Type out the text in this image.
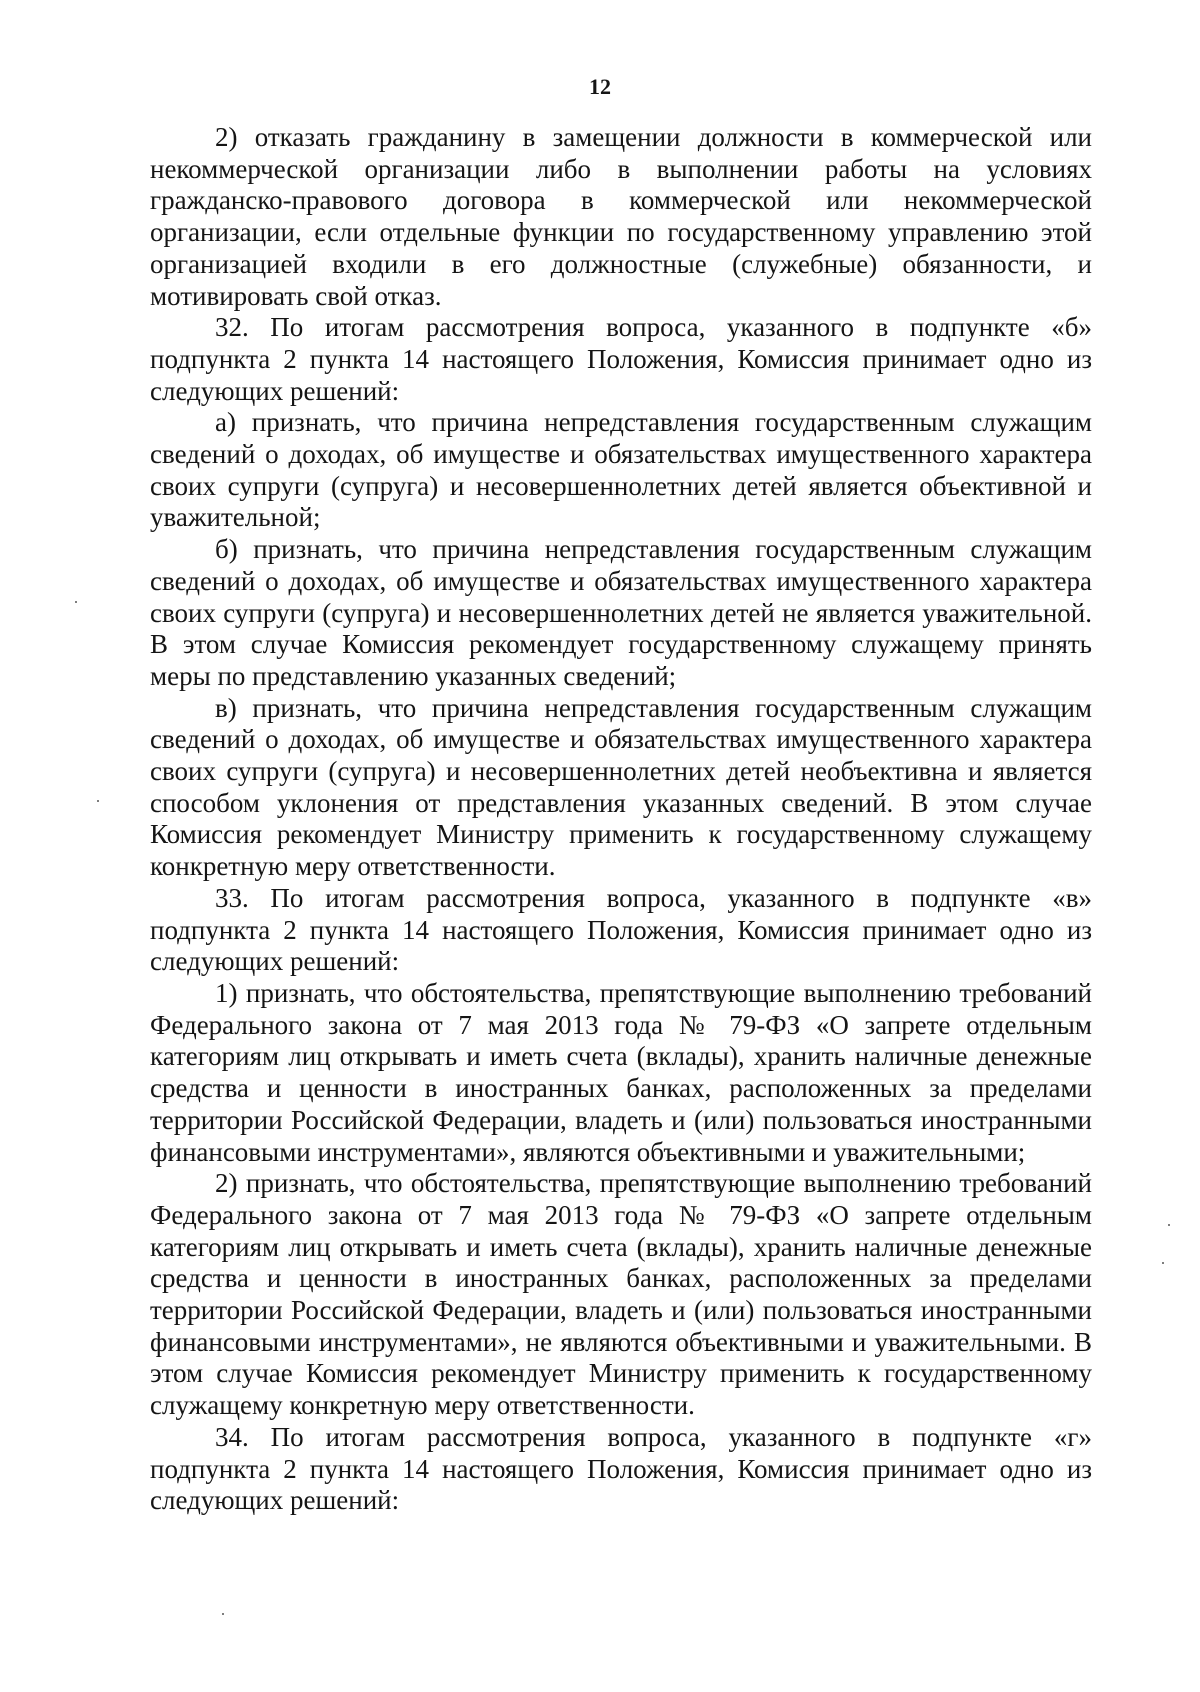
12

2) отказать гражданину в замещении должности в коммерческой или некоммерческой организации либо в выполнении работы на условиях гражданско-правового договора в коммерческой или некоммерческой организации, если отдельные функции по государственному управлению этой организацией входили в его должностные (служебные) обязанности, и мотивировать свой отказ.

32. По итогам рассмотрения вопроса, указанного в подпункте «б» подпункта 2 пункта 14 настоящего Положения, Комиссия принимает одно из следующих решений:

а) признать, что причина непредставления государственным служащим сведений о доходах, об имуществе и обязательствах имущественного характера своих супруги (супруга) и несовершеннолетних детей является объективной и уважительной;

б) признать, что причина непредставления государственным служащим сведений о доходах, об имуществе и обязательствах имущественного характера своих супруги (супруга) и несовершеннолетних детей не является уважительной. В этом случае Комиссия рекомендует государственному служащему принять меры по представлению указанных сведений;

в) признать, что причина непредставления государственным служащим сведений о доходах, об имуществе и обязательствах имущественного характера своих супруги (супруга) и несовершеннолетних детей необъективна и является способом уклонения от представления указанных сведений. В этом случае Комиссия рекомендует Министру применить к государственному служащему конкретную меру ответственности.

33. По итогам рассмотрения вопроса, указанного в подпункте «в» подпункта 2 пункта 14 настоящего Положения, Комиссия принимает одно из следующих решений:

1) признать, что обстоятельства, препятствующие выполнению требований Федерального закона от 7 мая 2013 года № 79-ФЗ «О запрете отдельным категориям лиц открывать и иметь счета (вклады), хранить наличные денежные средства и ценности в иностранных банках, расположенных за пределами территории Российской Федерации, владеть и (или) пользоваться иностранными финансовыми инструментами», являются объективными и уважительными;

2) признать, что обстоятельства, препятствующие выполнению требований Федерального закона от 7 мая 2013 года № 79-ФЗ «О запрете отдельным категориям лиц открывать и иметь счета (вклады), хранить наличные денежные средства и ценности в иностранных банках, расположенных за пределами территории Российской Федерации, владеть и (или) пользоваться иностранными финансовыми инструментами», не являются объективными и уважительными. В этом случае Комиссия рекомендует Министру применить к государственному служащему конкретную меру ответственности.

34. По итогам рассмотрения вопроса, указанного в подпункте «г» подпункта 2 пункта 14 настоящего Положения, Комиссия принимает одно из следующих решений:
